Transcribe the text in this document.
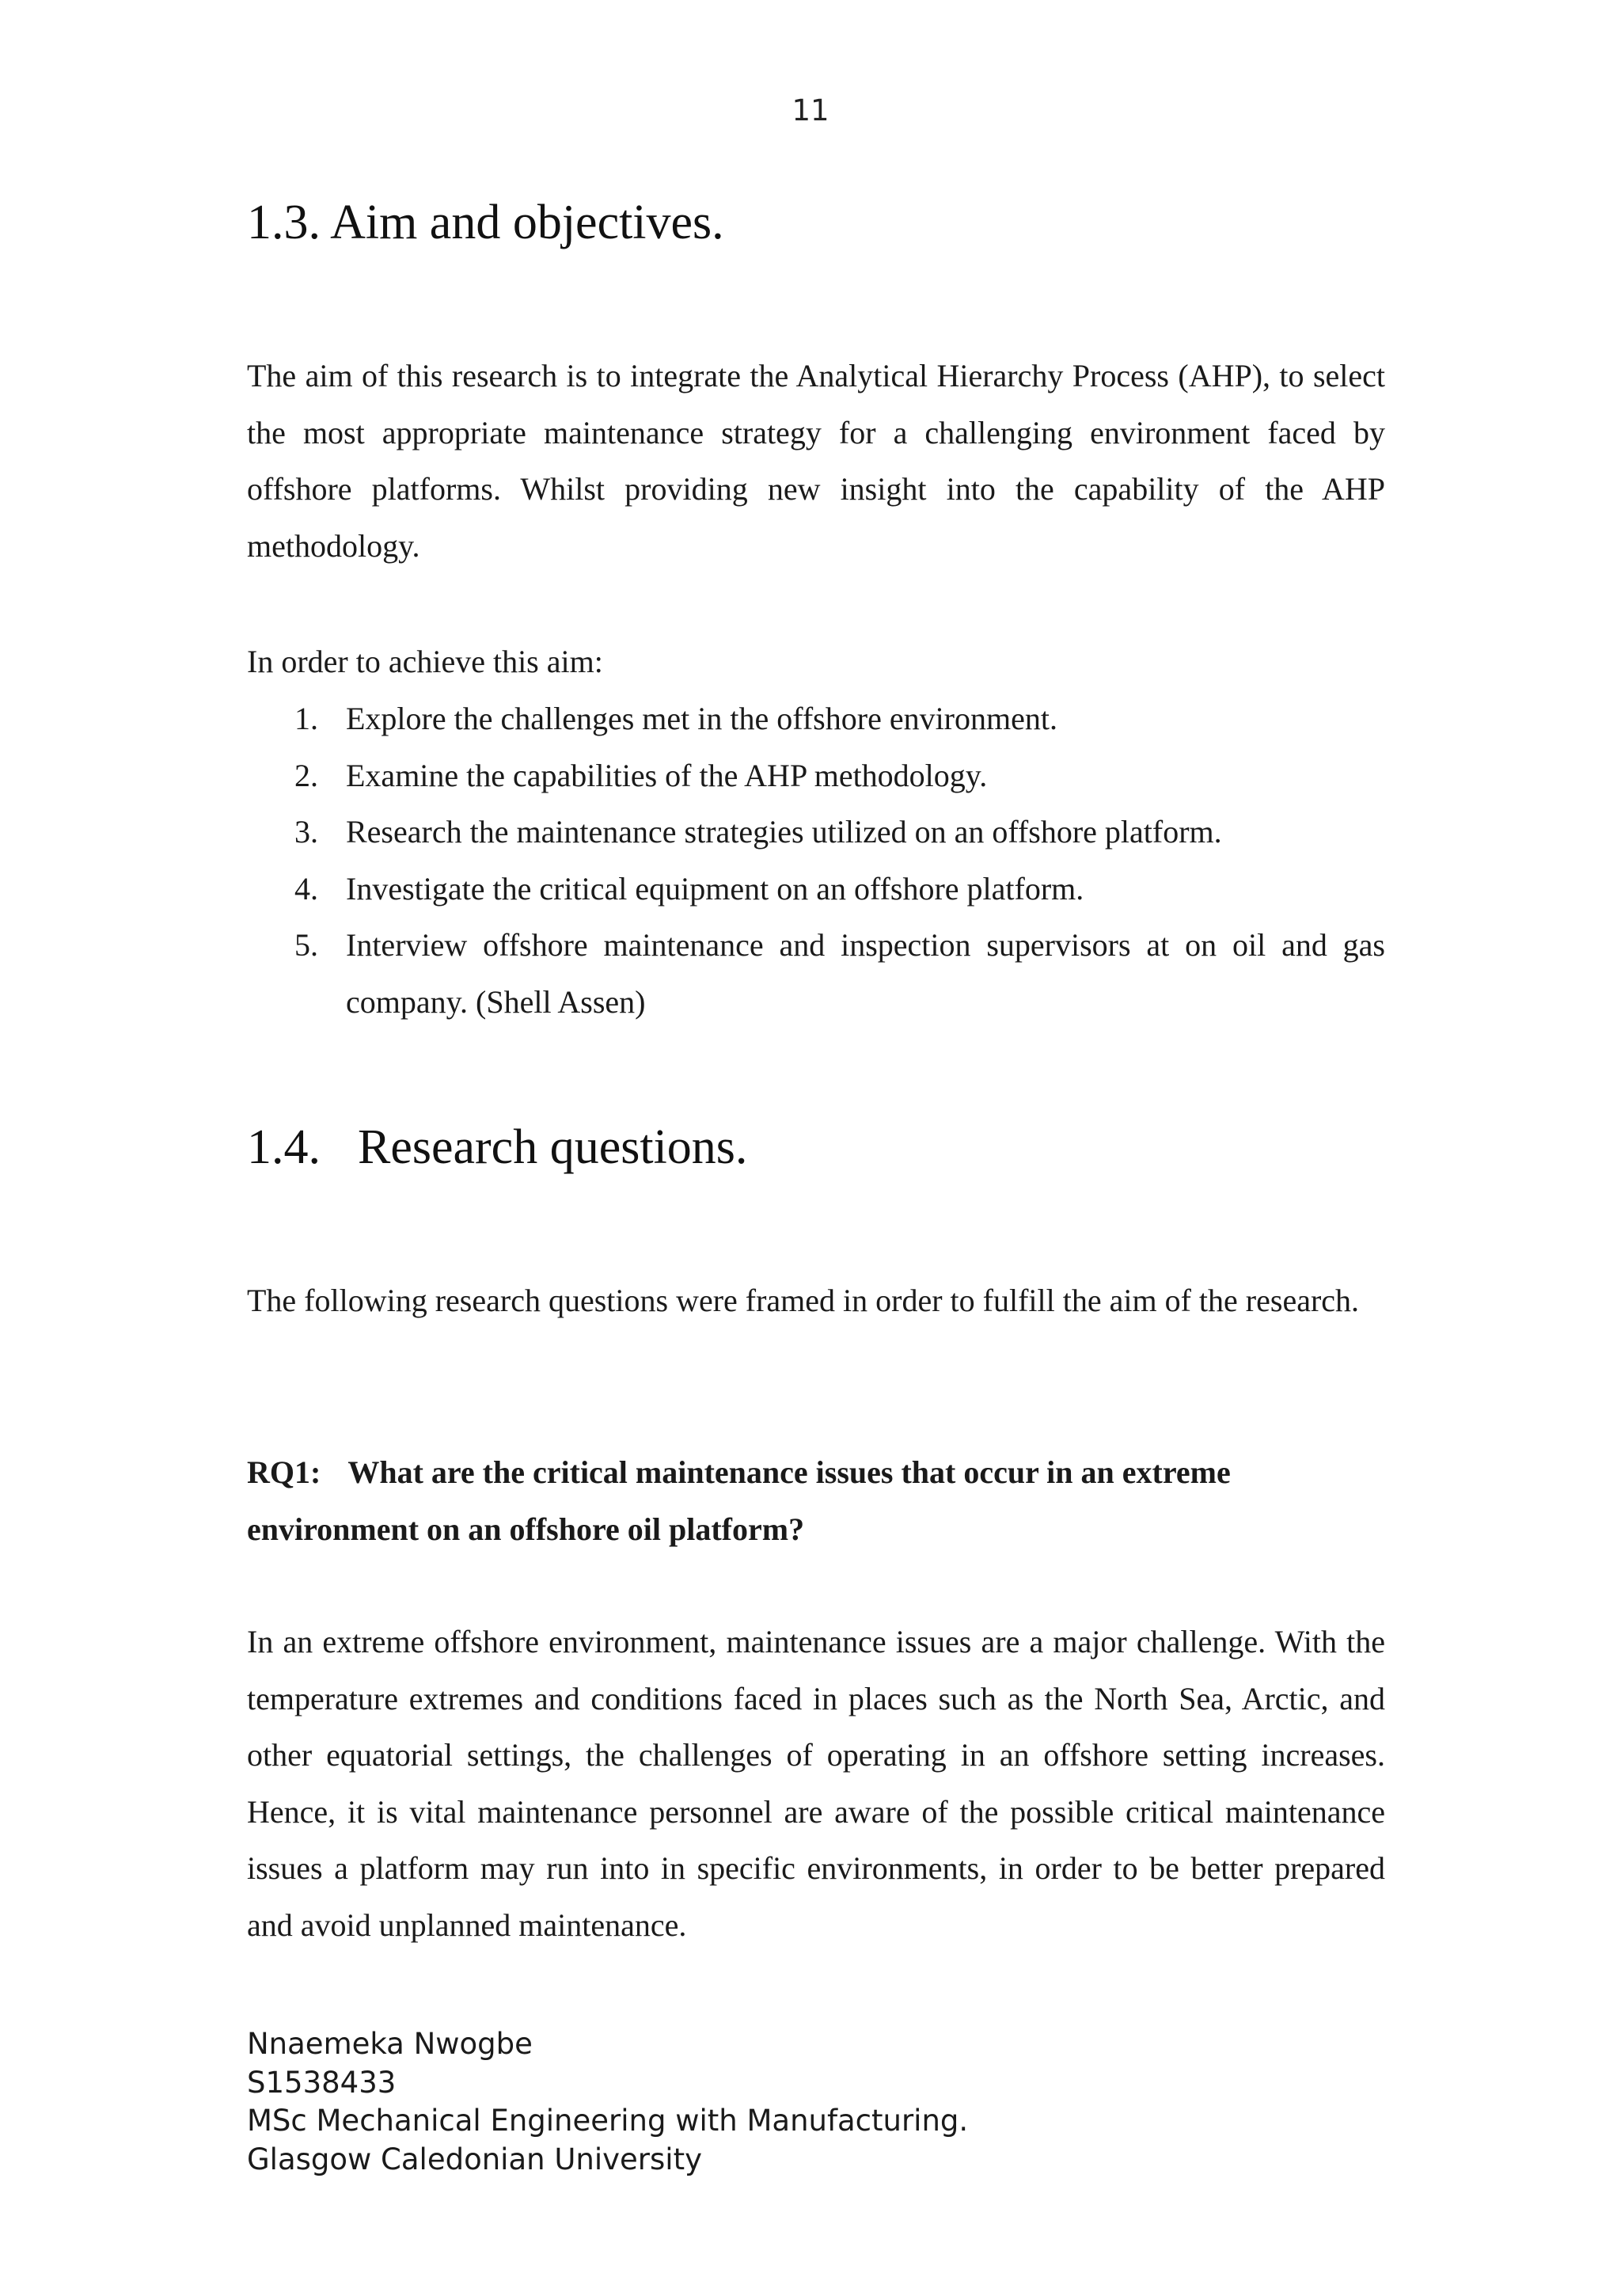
11
1.3. Aim and objectives.

The aim of this research is to integrate the Analytical Hierarchy Process (AHP), to select the most appropriate maintenance strategy for a challenging environment faced by offshore platforms. Whilst providing new insight into the capability of the AHP methodology.

In order to achieve this aim:

1. Explore the challenges met in the offshore environment.
2. Examine the capabilities of the AHP methodology.
3. Research the maintenance strategies utilized on an offshore platform.
4. Investigate the critical equipment on an offshore platform.
5. Interview offshore maintenance and inspection supervisors at on oil and gas company. (Shell Assen)
1.4. Research questions.

The following research questions were framed in order to fulfill the aim of the research.

RQ1: What are the critical maintenance issues that occur in an extreme environment on an offshore oil platform?

In an extreme offshore environment, maintenance issues are a major challenge. With the temperature extremes and conditions faced in places such as the North Sea, Arctic, and other equatorial settings, the challenges of operating in an offshore setting increases. Hence, it is vital maintenance personnel are aware of the possible critical maintenance issues a platform may run into in specific environments, in order to be better prepared and avoid unplanned maintenance.

Nnaemeka Nwogbe
S1538433
MSc Mechanical Engineering with Manufacturing.
Glasgow Caledonian University
